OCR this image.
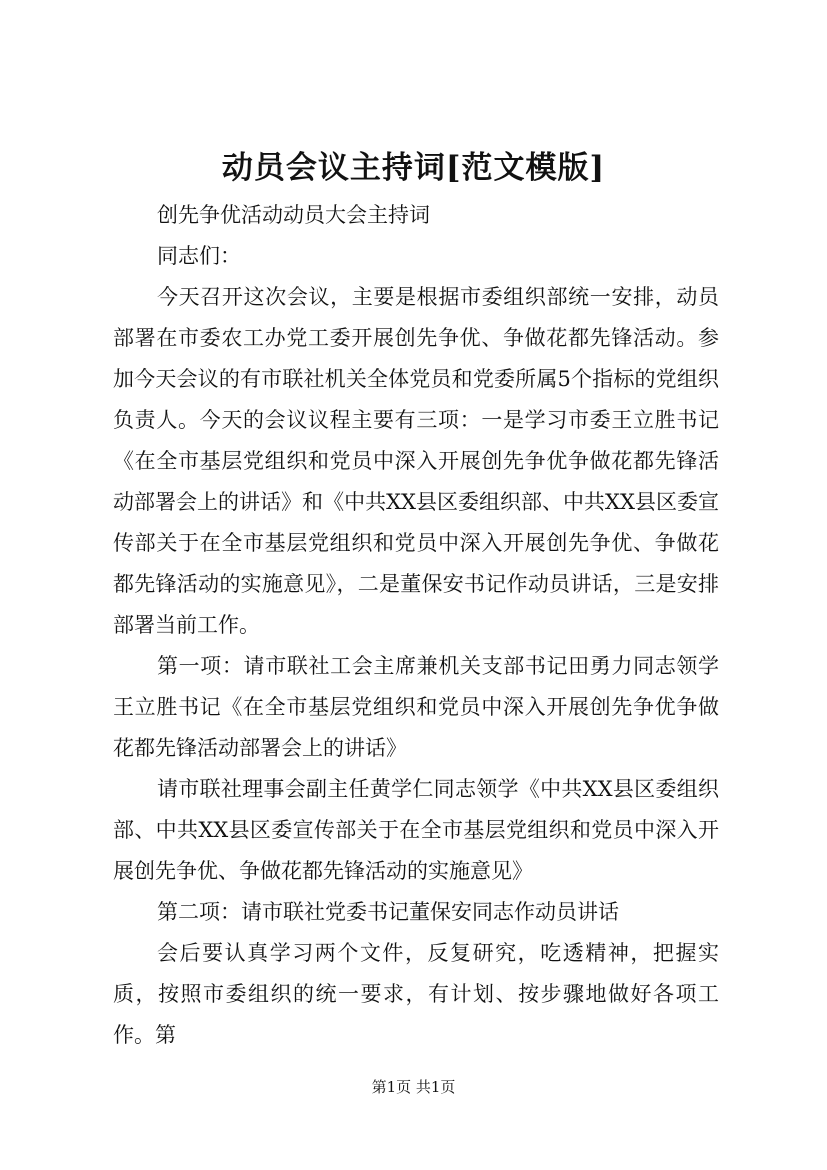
动员会议主持词[范文模版]

创先争优活动动员大会主持词

同志们：

今天召开这次会议，主要是根据市委组织部统一安排，动员部署在市委农工办党工委开展创先争优、争做花都先锋活动。参加今天会议的有市联社机关全体党员和党委所属5个指标的党组织负责人。今天的会议议程主要有三项：一是学习市委王立胜书记《在全市基层党组织和党员中深入开展创先争优争做花都先锋活动部署会上的讲话》和《中共XX县区委组织部、中共XX县区委宣传部关于在全市基层党组织和党员中深入开展创先争优、争做花都先锋活动的实施意见》，二是董保安书记作动员讲话，三是安排部署当前工作。

第一项：请市联社工会主席兼机关支部书记田勇力同志领学王立胜书记《在全市基层党组织和党员中深入开展创先争优争做花都先锋活动部署会上的讲话》

请市联社理事会副主任黄学仁同志领学《中共XX县区委组织部、中共XX县区委宣传部关于在全市基层党组织和党员中深入开展创先争优、争做花都先锋活动的实施意见》

第二项：请市联社党委书记董保安同志作动员讲话

会后要认真学习两个文件，反复研究，吃透精神，把握实质，按照市委组织的统一要求，有计划、按步骤地做好各项工作。第

第1页 共1页
